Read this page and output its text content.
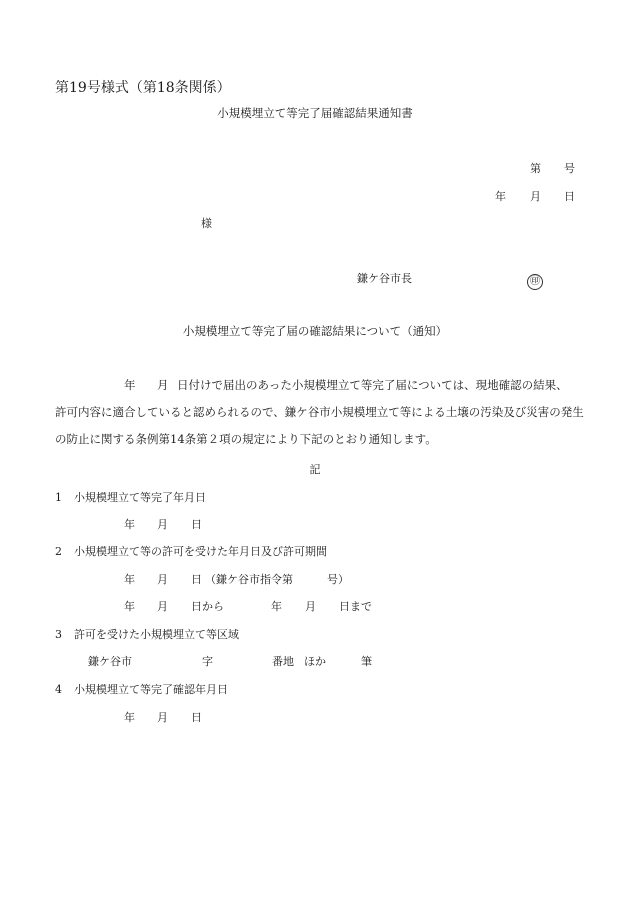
第19号様式（第18条関係）
小規模埋立て等完了届確認結果通知書
第 号
年 月 日
様
鎌ケ谷市長	㊞
小規模埋立て等完了届の確認結果について（通知）
年 月 日付けで届出のあった小規模埋立て等完了届については、現地確認の結果、
許可内容に適合していると認められるので、鎌ケ谷市小規模埋立て等による土壌の汚染及び災害の発生
の防止に関する条例第14条第２項の規定により下記のとおり通知します。
記
1 小規模埋立て等完了年月日
年 月 日
2 小規模埋立て等の許可を受けた年月日及び許可期間
年 月 日 （鎌ケ谷市指令第	号）
年 月 日から	年 月 日まで
3 許可を受けた小規模埋立て等区域
鎌ケ谷市	字	番地 ほか	筆
4 小規模埋立て等完了確認年月日
年 月 日
